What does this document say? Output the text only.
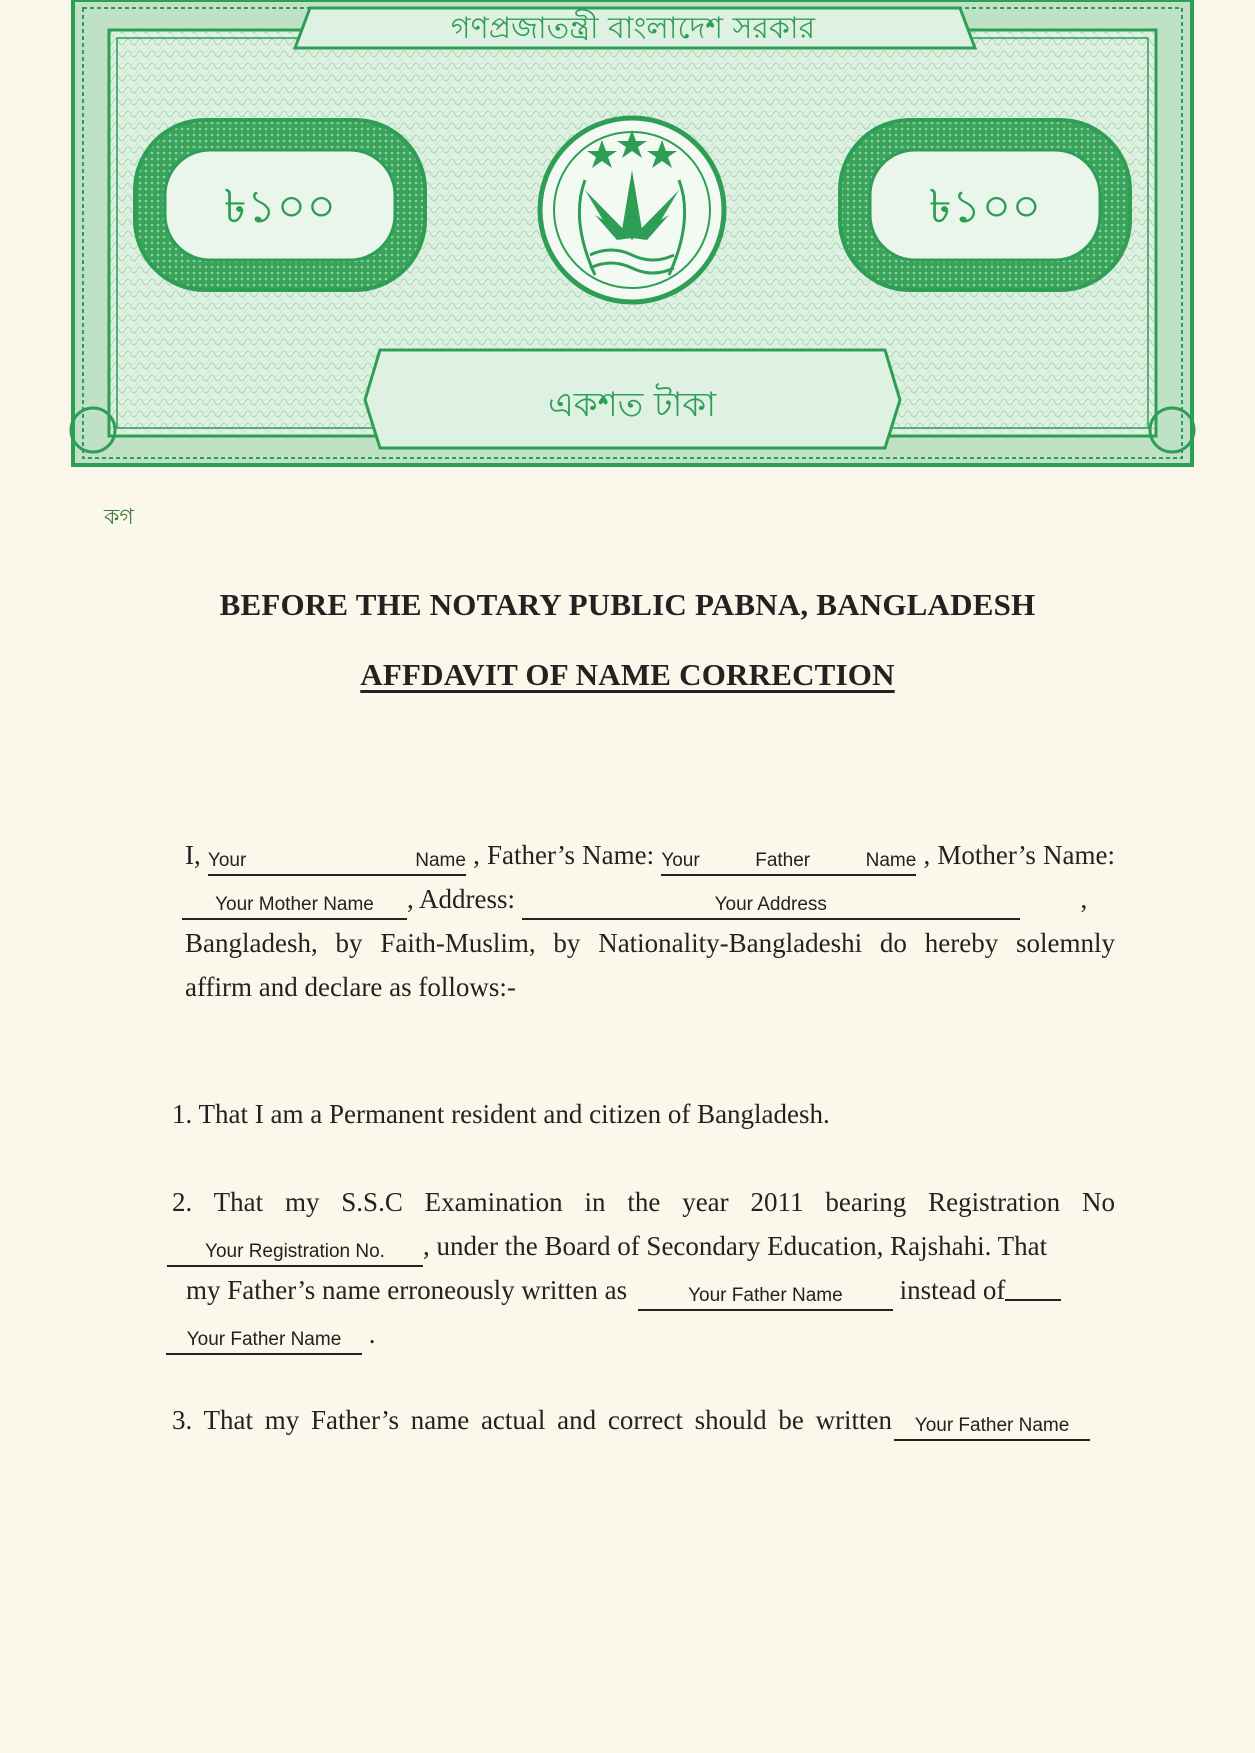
গণপ্রজাতন্ত্রী বাংলাদেশ সরকার
৳১০০	৳১০০
একশত টাকা
কগ
BEFORE THE NOTARY PUBLIC PABNA, BANGLADESH
AFFDAVIT OF NAME CORRECTION
I, Your Name , Father’s Name: Your Father Name , Mother’s Name:
Your Mother Name , Address:	Your Address	,
Bangladesh, by Faith-Muslim, by Nationality-Bangladeshi do hereby solemnly
affirm and declare as follows:-
1. That I am a Permanent resident and citizen of Bangladesh.
2. That my S.S.C Examination in the year 2011 bearing Registration No
Your Registration No. , under the Board of Secondary Education, Rajshahi. That
my Father’s name erroneously written as	Your Father Name instead of
Your Father Name .
3. That my Father’s name actual and correct should be written Your Father Name
